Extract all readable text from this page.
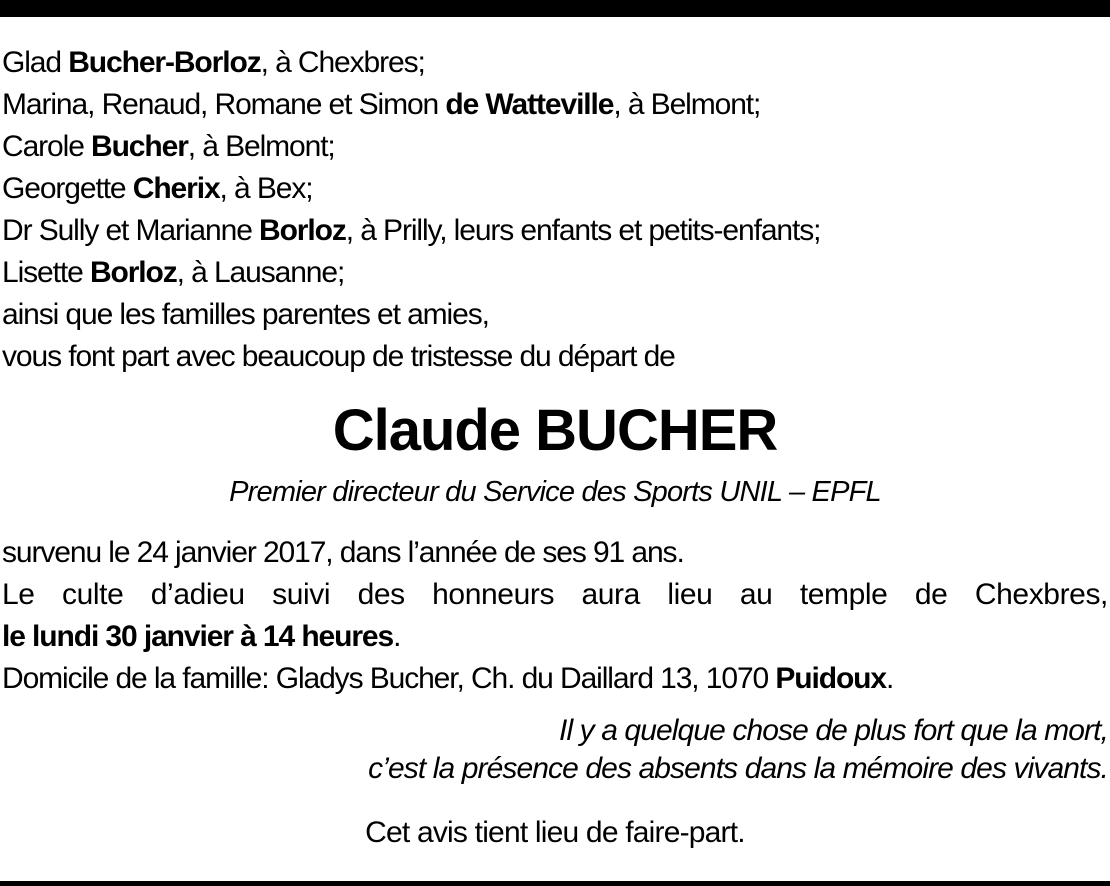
Glad Bucher-Borloz, à Chexbres;
Marina, Renaud, Romane et Simon de Watteville, à Belmont;
Carole Bucher, à Belmont;
Georgette Cherix, à Bex;
Dr Sully et Marianne Borloz, à Prilly, leurs enfants et petits-enfants;
Lisette Borloz, à Lausanne;
ainsi que les familles parentes et amies,
vous font part avec beaucoup de tristesse du départ de
Claude BUCHER
Premier directeur du Service des Sports UNIL – EPFL
survenu le 24 janvier 2017, dans l’année de ses 91 ans.
Le culte d’adieu suivi des honneurs aura lieu au temple de Chexbres,
le lundi 30 janvier à 14 heures.
Domicile de la famille: Gladys Bucher, Ch. du Daillard 13, 1070 Puidoux.
Il y a quelque chose de plus fort que la mort,
c’est la présence des absents dans la mémoire des vivants.
Cet avis tient lieu de faire-part.
